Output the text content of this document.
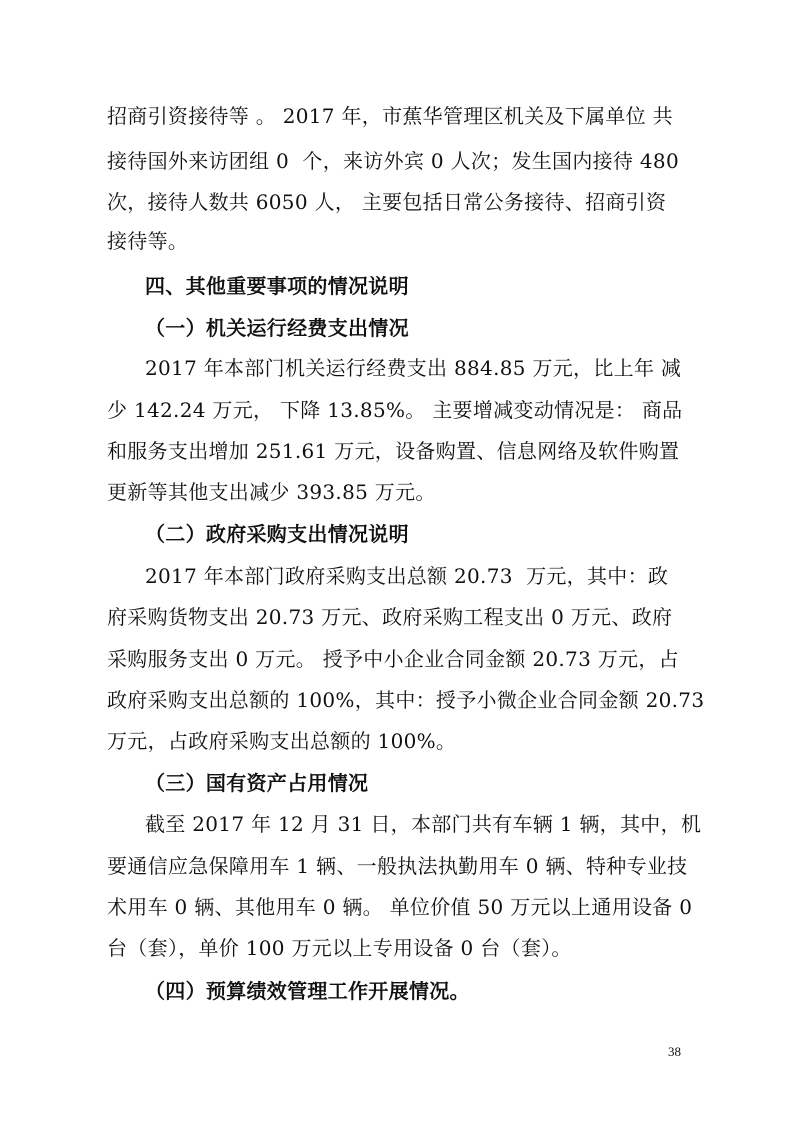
招商引资接待等 。 2017 年，市蕉华管理区机关及下属单位 共
接待国外来访团组 0  个，来访外宾 0 人次；发生国内接待 480
次，接待人数共 6050 人， 主要包括日常公务接待、招商引资
接待等。
四、其他重要事项的情况说明
（一）机关运行经费支出情况
2017 年本部门机关运行经费支出 884.85 万元，比上年 减
少 142.24 万元， 下降 13.85%。 主要增减变动情况是： 商品
和服务支出增加 251.61 万元，设备购置、信息网络及软件购置
更新等其他支出减少 393.85 万元。
（二）政府采购支出情况说明
2017 年本部门政府采购支出总额 20.73  万元，其中：政
府采购货物支出 20.73 万元、政府采购工程支出 0 万元、政府
采购服务支出 0 万元。 授予中小企业合同金额 20.73 万元，占
政府采购支出总额的 100%，其中：授予小微企业合同金额 20.73
万元，占政府采购支出总额的 100%。
（三）国有资产占用情况
截至 2017 年 12 月 31 日，本部门共有车辆 1 辆，其中，机
要通信应急保障用车 1 辆、一般执法执勤用车 0 辆、特种专业技
术用车 0 辆、其他用车 0 辆。 单位价值 50 万元以上通用设备 0
台（套），单价 100 万元以上专用设备 0 台（套）。
（四）预算绩效管理工作开展情况。
38
